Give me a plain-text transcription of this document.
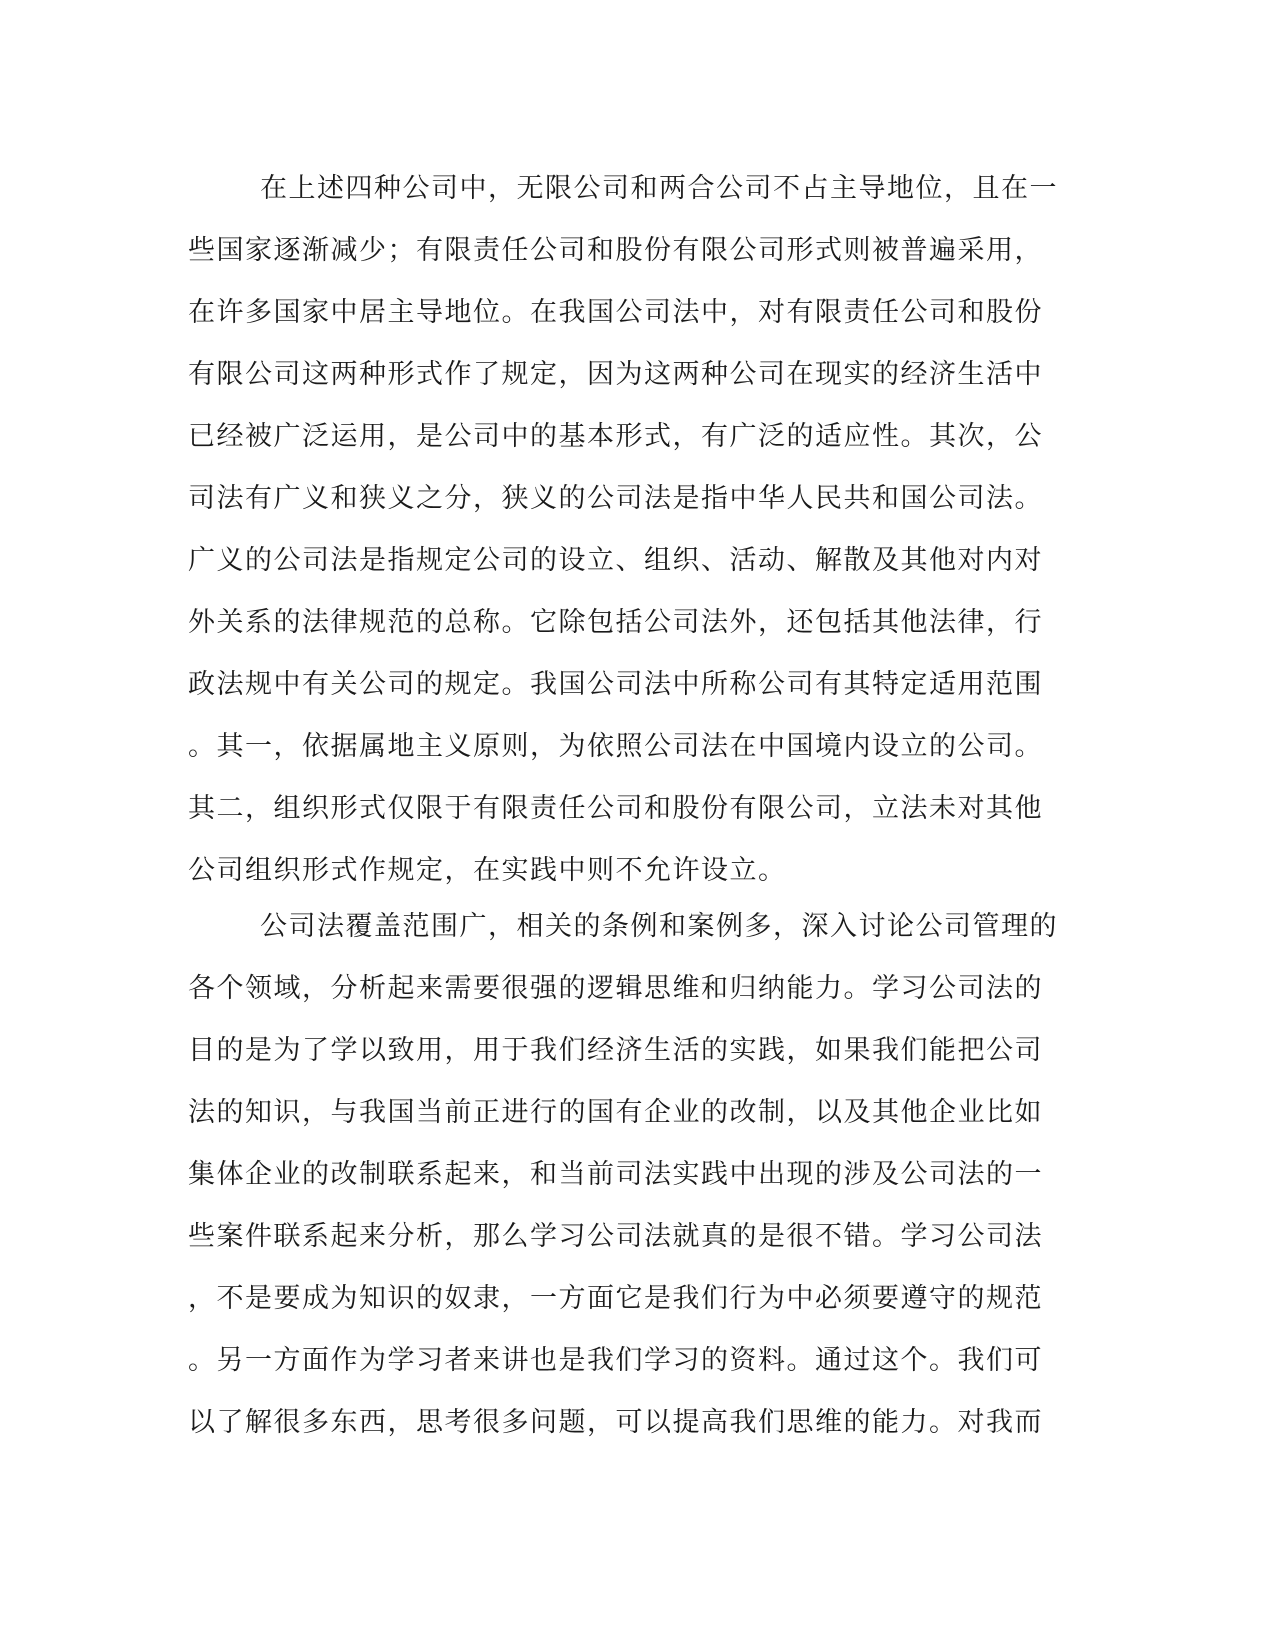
在上述四种公司中，无限公司和两合公司不占主导地位，且在一
些国家逐渐减少；有限责任公司和股份有限公司形式则被普遍采用，
在许多国家中居主导地位。在我国公司法中，对有限责任公司和股份
有限公司这两种形式作了规定，因为这两种公司在现实的经济生活中
已经被广泛运用，是公司中的基本形式，有广泛的适应性。其次，公
司法有广义和狭义之分，狭义的公司法是指中华人民共和国公司法。
广义的公司法是指规定公司的设立、组织、活动、解散及其他对内对
外关系的法律规范的总称。它除包括公司法外，还包括其他法律，行
政法规中有关公司的规定。我国公司法中所称公司有其特定适用范围
。其一，依据属地主义原则，为依照公司法在中国境内设立的公司。
其二，组织形式仅限于有限责任公司和股份有限公司，立法未对其他
公司组织形式作规定，在实践中则不允许设立。
公司法覆盖范围广，相关的条例和案例多，深入讨论公司管理的
各个领域，分析起来需要很强的逻辑思维和归纳能力。学习公司法的
目的是为了学以致用，用于我们经济生活的实践，如果我们能把公司
法的知识，与我国当前正进行的国有企业的改制，以及其他企业比如
集体企业的改制联系起来，和当前司法实践中出现的涉及公司法的一
些案件联系起来分析，那么学习公司法就真的是很不错。学习公司法
，不是要成为知识的奴隶，一方面它是我们行为中必须要遵守的规范
。另一方面作为学习者来讲也是我们学习的资料。通过这个。我们可
以了解很多东西，思考很多问题，可以提高我们思维的能力。对我而
